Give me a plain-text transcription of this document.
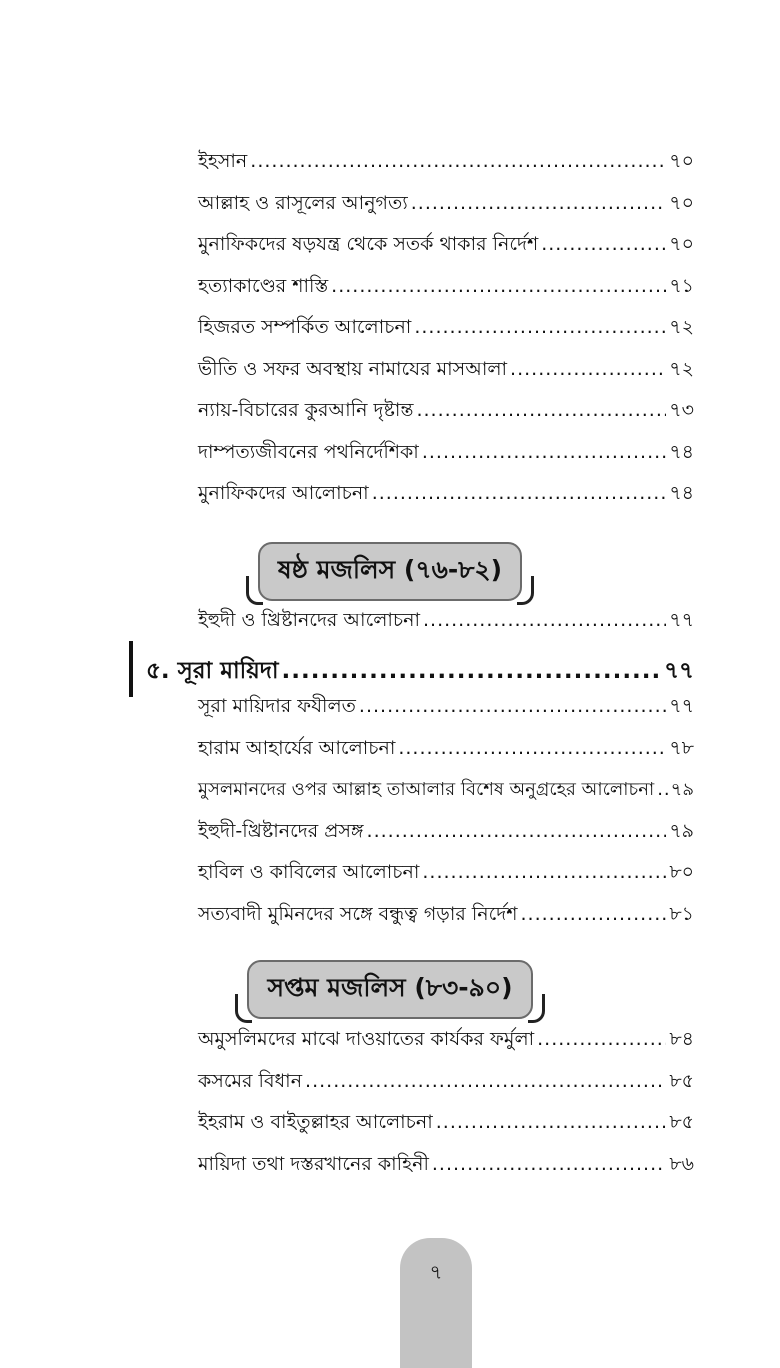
ইহসান .....	৭০
আল্লাহ ও রাসূলের আনুগত্য .....	৭০
মুনাফিকদের ষড়যন্ত্র থেকে সতর্ক থাকার নির্দেশ .....	৭০
হত্যাকাণ্ডের শাস্তি .....	৭১
হিজরত সম্পর্কিত আলোচনা .....	৭২
ভীতি ও সফর অবস্থায় নামাযের মাসআলা .....	৭২
ন্যায়-বিচারের কুরআনি দৃষ্টান্ত .....	৭৩
দাম্পত্যজীবনের পথনির্দেশিকা .....	৭৪
মুনাফিকদের আলোচনা .....	৭৪
ষষ্ঠ মজলিস (৭৬-৮২)
ইহুদী ও খ্রিষ্টানদের আলোচনা .....	৭৭
৫. সূরা মায়িদা .....	৭৭
সূরা মায়িদার ফযীলত .....	৭৭
হারাম আহার্যের আলোচনা .....	৭৮
মুসলমানদের ওপর আল্লাহ তাআলার বিশেষ অনুগ্রহের আলোচনা ..... ৭৯
ইহুদী-খ্রিষ্টানদের প্রসঙ্গ .....	৭৯
হাবিল ও কাবিলের আলোচনা .....	৮০
সত্যবাদী মুমিনদের সঙ্গে বন্ধুত্ব গড়ার নির্দেশ .....	৮১
সপ্তম মজলিস (৮৩-৯০)
অমুসলিমদের মাঝে দাওয়াতের কার্যকর ফর্মুলা .....	৮৪
কসমের বিধান .....	৮৫
ইহরাম ও বাইতুল্লাহর আলোচনা .....	৮৫
মায়িদা তথা দস্তরখানের কাহিনী .....	৮৬
৭
